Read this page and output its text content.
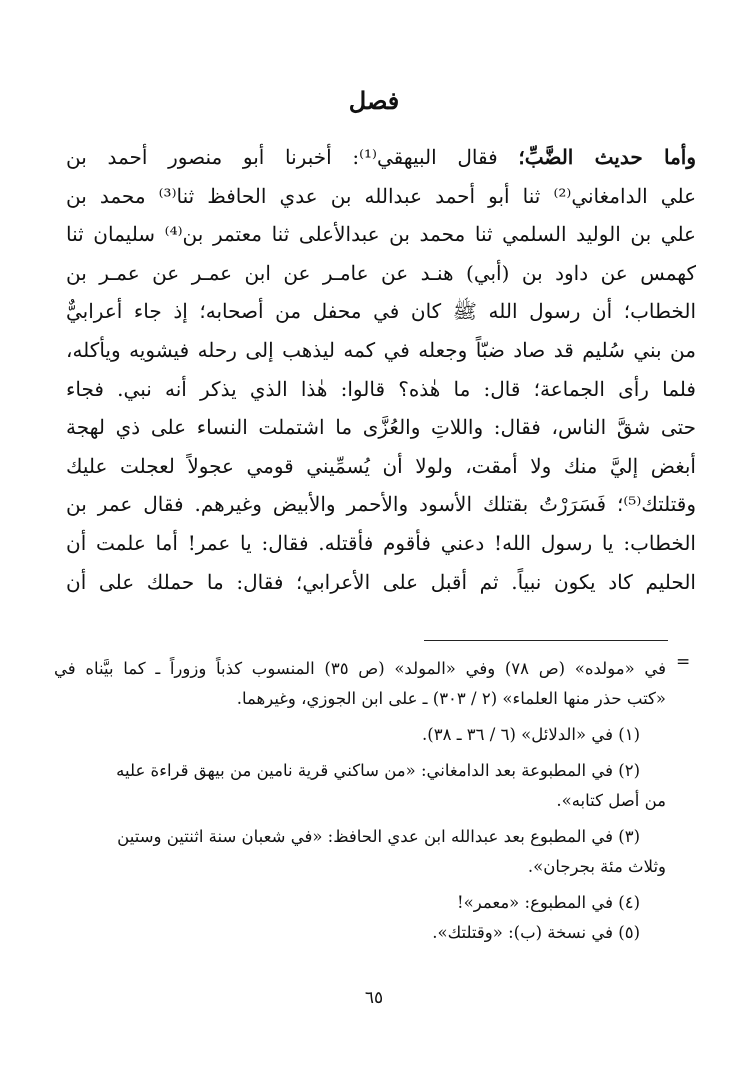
فصل
وأما حديث الضَّبِّ؛ فقال البيهقي⁽¹⁾: أخبرنا أبو منصور أحمد بن
علي الدامغاني⁽²⁾ ثنا أبو أحمد عبدالله بن عدي الحافظ ثنا⁽³⁾ محمد بن
علي بن الوليد السلمي ثنا محمد بن عبدالأعلى ثنا معتمر بن⁽⁴⁾ سليمان ثنا
كهمس عن داود بن (أبي) هنـد عن عامـر عن ابن عمـر عن عمـر بن
الخطاب؛ أن رسول الله ﷺ كان في محفل من أصحابه؛ إذ جاء أعرابيٌّ
من بني سُليم قد صاد ضبّاً وجعله في كمه ليذهب إلى رحله فيشويه ويأكله،
فلما رأى الجماعة؛ قال: ما هٰذه؟ قالوا: هٰذا الذي يذكر أنه نبي. فجاء
حتى شقَّ الناس، فقال: واللاتِ والعُزَّى ما اشتملت النساء على ذي لهجة
أبغض إليَّ منك ولا أمقت، ولولا أن يُسمِّيني قومي عجولاً لعجلت عليك
وقتلتك⁽⁵⁾؛ فَسَرَرْتُ بقتلك الأسود والأحمر والأبيض وغيرهم. فقال عمر بن
الخطاب: يا رسول الله! دعني فأقوم فأقتله. فقال: يا عمر! أما علمت أن
الحليم كاد يكون نبياً. ثم أقبل على الأعرابي؛ فقال: ما حملك على أن
=
في «مولده» (ص ٧٨) وفي «المولد» (ص ٣٥) المنسوب كذباً وزوراً ـ كما بيَّناه في
«كتب حذر منها العلماء» (٢ / ٣٠٣) ـ على ابن الجوزي، وغيرهما.
(١) في «الدلائل» (٦ / ٣٦ ـ ٣٨).
(٢) في المطبوعة بعد الدامغاني: «من ساكني قرية نامين من بيهق قراءة عليه
من أصل كتابه».
(٣) في المطبوع بعد عبدالله ابن عدي الحافظ: «في شعبان سنة اثنتين وستين
وثلاث مئة بجرجان».
(٤) في المطبوع: «معمر»!
(٥) في نسخة (ب): «وقتلتك».
٦٥
